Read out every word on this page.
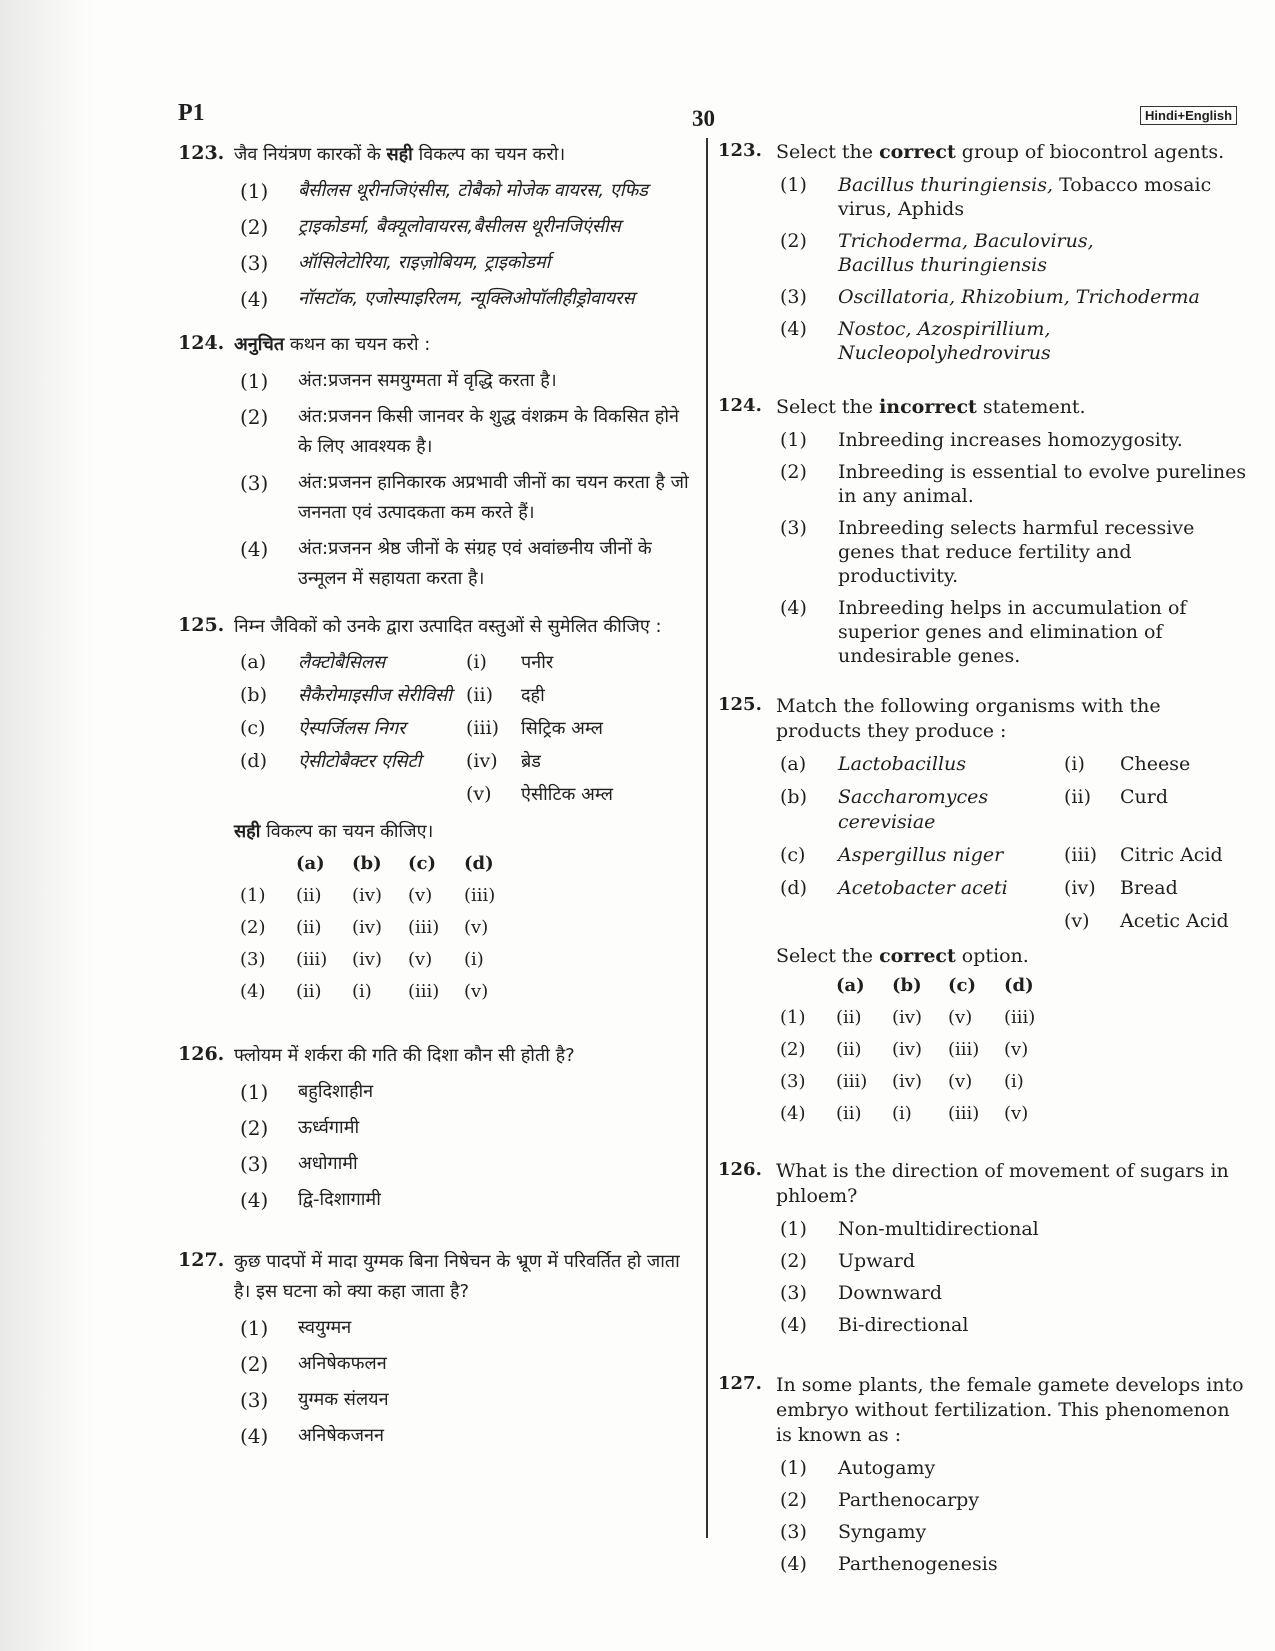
P1	30	Hindi+English
123. जैव नियंत्रण कारकों के सही विकल्प का चयन करो।
(1)	बैसीलस थूरीनजिएंसीस, टोबैको मोजेक वायरस, एफिड
(2)	ट्राइकोडर्मा, बैक्यूलोवायरस,बैसीलस थूरीनजिएंसीस
(3)	ऑसिलेटोरिया, राइज़ोबियम, ट्राइकोडर्मा
(4)	नॉसटॉक, एजोस्पाइरिलम, न्यूक्लिओपॉलीहीड्रोवायरस
124. अनुचित कथन का चयन करो :
(1)	अंत:प्रजनन समयुग्मता में वृद्धि करता है।
(2)	अंत:प्रजनन किसी जानवर के शुद्ध वंशक्रम के विकसित होने के लिए आवश्यक है।
(3)	अंत:प्रजनन हानिकारक अप्रभावी जीनों का चयन करता है जो जननता एवं उत्पादकता कम करते हैं।
(4)	अंत:प्रजनन श्रेष्ठ जीनों के संग्रह एवं अवांछनीय जीनों के उन्मूलन में सहायता करता है।
125. निम्न जैविकों को उनके द्वारा उत्पादित वस्तुओं से सुमेलित कीजिए :
(a)	लैक्टोबैसिलस	(i)	पनीर
(b)	सैकैरोमाइसीज सेरीविसी	(ii)	दही
(c)	ऐस्पर्जिलस निगर	(iii)	सिट्रिक अम्ल
(d)	ऐसीटोबैक्टर एसिटी	(iv)	ब्रेड
		(v)	ऐसीटिक अम्ल
सही विकल्प का चयन कीजिए।
	(a)	(b)	(c)	(d)
(1)	(ii)	(iv)	(v)	(iii)
(2)	(ii)	(iv)	(iii)	(v)
(3)	(iii)	(iv)	(v)	(i)
(4)	(ii)	(i)	(iii)	(v)
126. फ्लोयम में शर्करा की गति की दिशा कौन सी होती है?
(1)	बहुदिशाहीन
(2)	ऊर्ध्वगामी
(3)	अधोगामी
(4)	द्वि-दिशागामी
127. कुछ पादपों में मादा युग्मक बिना निषेचन के भ्रूण में परिवर्तित हो जाता है। इस घटना को क्या कहा जाता है?
(1)	स्वयुग्मन
(2)	अनिषेकफलन
(3)	युग्मक संलयन
(4)	अनिषेकजनन
123. Select the correct group of biocontrol agents.
(1)	Bacillus thuringiensis, Tobacco mosaic virus, Aphids
(2)	Trichoderma, Baculovirus, Bacillus thuringiensis
(3)	Oscillatoria, Rhizobium, Trichoderma
(4)	Nostoc, Azospirillium, Nucleopolyhedrovirus
124. Select the incorrect statement.
(1)	Inbreeding increases homozygosity.
(2)	Inbreeding is essential to evolve purelines in any animal.
(3)	Inbreeding selects harmful recessive genes that reduce fertility and productivity.
(4)	Inbreeding helps in accumulation of superior genes and elimination of undesirable genes.
125. Match the following organisms with the products they produce :
(a)	Lactobacillus	(i)	Cheese
(b)	Saccharomyces cerevisiae	(ii)	Curd
(c)	Aspergillus niger	(iii)	Citric Acid
(d)	Acetobacter aceti	(iv)	Bread
		(v)	Acetic Acid
Select the correct option.
	(a)	(b)	(c)	(d)
(1)	(ii)	(iv)	(v)	(iii)
(2)	(ii)	(iv)	(iii)	(v)
(3)	(iii)	(iv)	(v)	(i)
(4)	(ii)	(i)	(iii)	(v)
126. What is the direction of movement of sugars in phloem?
(1)	Non-multidirectional
(2)	Upward
(3)	Downward
(4)	Bi-directional
127. In some plants, the female gamete develops into embryo without fertilization. This phenomenon is known as :
(1)	Autogamy
(2)	Parthenocarpy
(3)	Syngamy
(4)	Parthenogenesis
